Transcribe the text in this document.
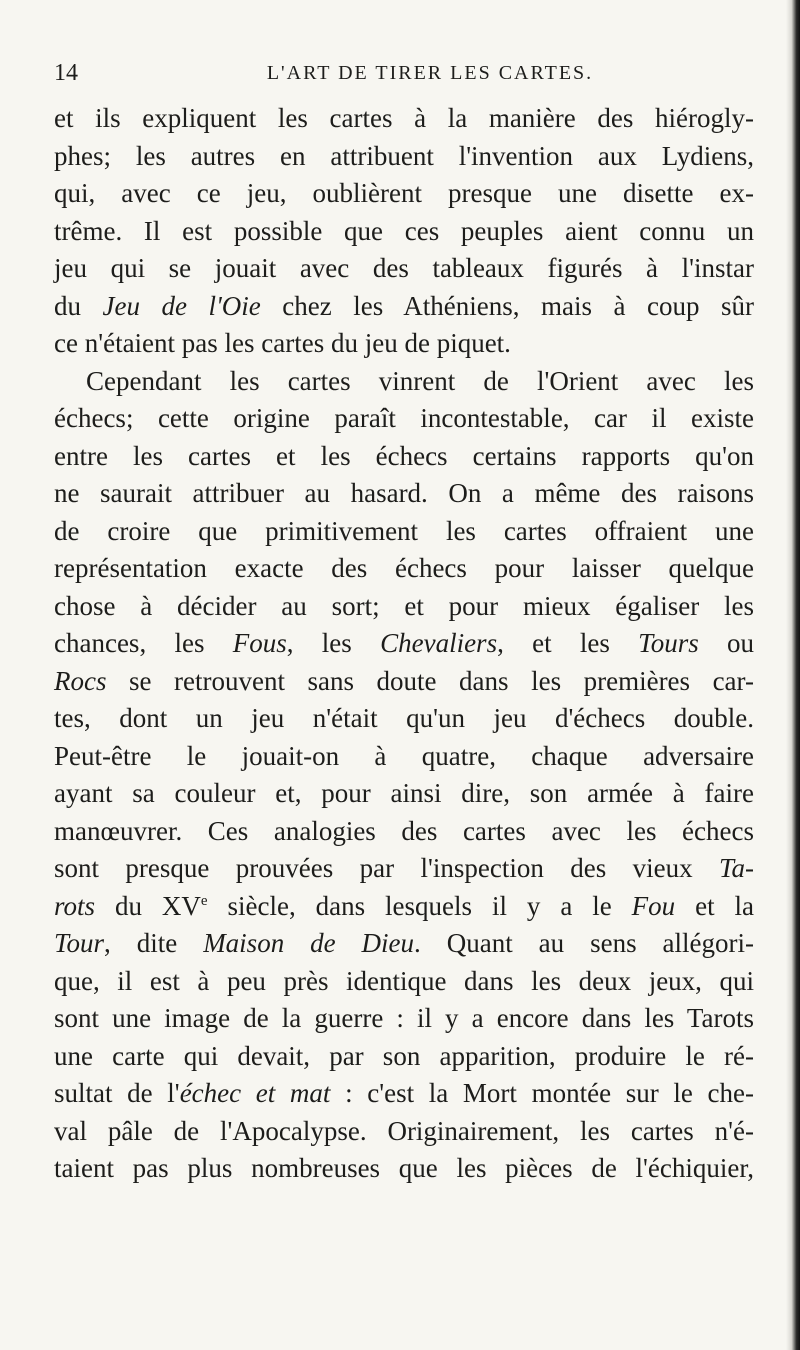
14	L'ART DE TIRER LES CARTES.
et ils expliquent les cartes à la manière des hiérogly-
phes; les autres en attribuent l'invention aux Lydiens,
qui, avec ce jeu, oublièrent presque une disette ex-
trême. Il est possible que ces peuples aient connu un
jeu qui se jouait avec des tableaux figurés à l'instar
du Jeu de l'Oie chez les Athéniens, mais à coup sûr
ce n'étaient pas les cartes du jeu de piquet.
Cependant les cartes vinrent de l'Orient avec les
échecs; cette origine paraît incontestable, car il existe
entre les cartes et les échecs certains rapports qu'on
ne saurait attribuer au hasard. On a même des raisons
de croire que primitivement les cartes offraient une
représentation exacte des échecs pour laisser quelque
chose à décider au sort; et pour mieux égaliser les
chances, les Fous, les Chevaliers, et les Tours ou
Rocs se retrouvent sans doute dans les premières car-
tes, dont un jeu n'était qu'un jeu d'échecs double.
Peut-être le jouait-on à quatre, chaque adversaire
ayant sa couleur et, pour ainsi dire, son armée à faire
manœuvrer. Ces analogies des cartes avec les échecs
sont presque prouvées par l'inspection des vieux Ta-
rots du XVe siècle, dans lesquels il y a le Fou et la
Tour, dite Maison de Dieu. Quant au sens allégori-
que, il est à peu près identique dans les deux jeux, qui
sont une image de la guerre : il y a encore dans les Tarots
une carte qui devait, par son apparition, produire le ré-
sultat de l'échec et mat : c'est la Mort montée sur le che-
val pâle de l'Apocalypse. Originairement, les cartes n'é-
taient pas plus nombreuses que les pièces de l'échiquier,
